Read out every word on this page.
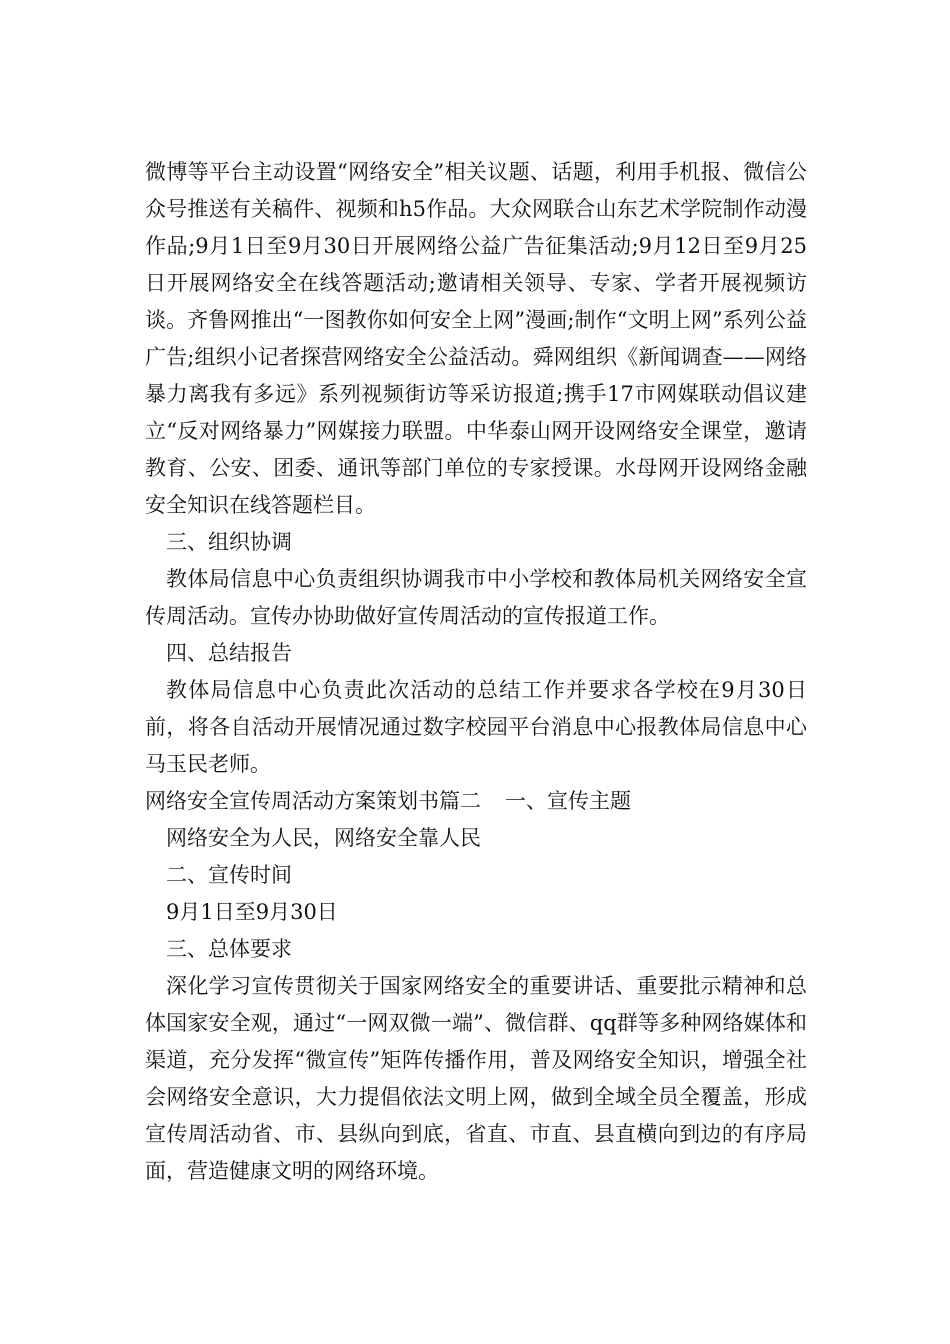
微博等平台主动设置“网络安全”相关议题、话题，利用手机报、微信公众号推送有关稿件、视频和h5作品。大众网联合山东艺术学院制作动漫作品;9月1日至9月30日开展网络公益广告征集活动;9月12日至9月25日开展网络安全在线答题活动;邀请相关领导、专家、学者开展视频访谈。齐鲁网推出“一图教你如何安全上网”漫画;制作“文明上网”系列公益广告;组织小记者探营网络安全公益活动。舜网组织《新闻调查——网络暴力离我有多远》系列视频街访等采访报道;携手17市网媒联动倡议建立“反对网络暴力”网媒接力联盟。中华泰山网开设网络安全课堂，邀请教育、公安、团委、通讯等部门单位的专家授课。水母网开设网络金融安全知识在线答题栏目。

三、组织协调

教体局信息中心负责组织协调我市中小学校和教体局机关网络安全宣传周活动。宣传办协助做好宣传周活动的宣传报道工作。

四、总结报告

教体局信息中心负责此次活动的总结工作并要求各学校在9月30日前，将各自活动开展情况通过数字校园平台消息中心报教体局信息中心马玉民老师。

网络安全宣传周活动方案策划书篇二 一、宣传主题

网络安全为人民，网络安全靠人民

二、宣传时间

9月1日至9月30日

三、总体要求

深化学习宣传贯彻关于国家网络安全的重要讲话、重要批示精神和总体国家安全观，通过“一网双微一端”、微信群、qq群等多种网络媒体和渠道，充分发挥“微宣传”矩阵传播作用，普及网络安全知识，增强全社会网络安全意识，大力提倡依法文明上网，做到全域全员全覆盖，形成宣传周活动省、市、县纵向到底，省直、市直、县直横向到边的有序局面，营造健康文明的网络环境。
